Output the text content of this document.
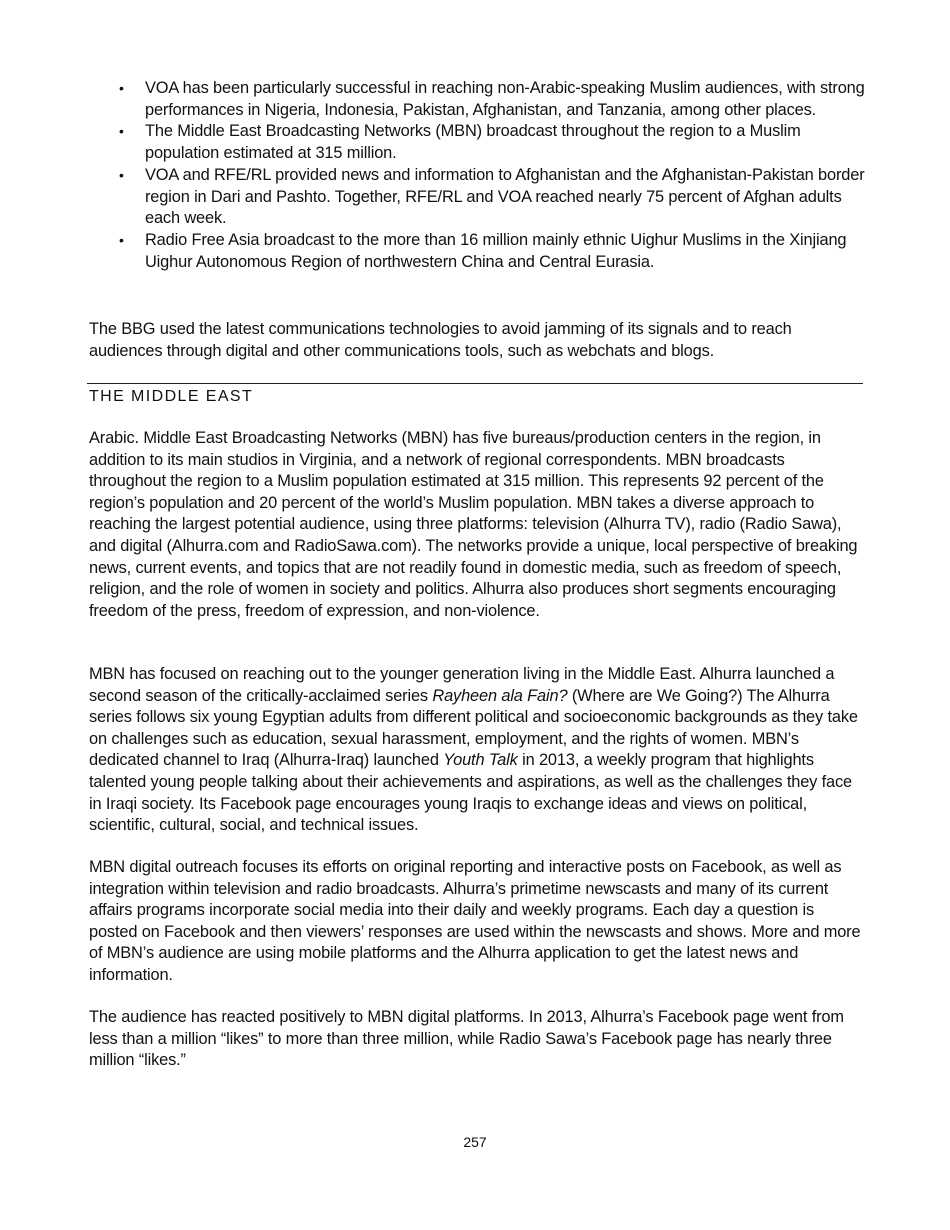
• VOA has been particularly successful in reaching non-Arabic-speaking Muslim audiences, with strong performances in Nigeria, Indonesia, Pakistan, Afghanistan, and Tanzania, among other places.
• The Middle East Broadcasting Networks (MBN) broadcast throughout the region to a Muslim population estimated at 315 million.
• VOA and RFE/RL provided news and information to Afghanistan and the Afghanistan-Pakistan border region in Dari and Pashto. Together, RFE/RL and VOA reached nearly 75 percent of Afghan adults each week.
• Radio Free Asia broadcast to the more than 16 million mainly ethnic Uighur Muslims in the Xinjiang Uighur Autonomous Region of northwestern China and Central Eurasia.

The BBG used the latest communications technologies to avoid jamming of its signals and to reach audiences through digital and other communications tools, such as webchats and blogs.

THE MIDDLE EAST

Arabic. Middle East Broadcasting Networks (MBN) has five bureaus/production centers in the region, in addition to its main studios in Virginia, and a network of regional correspondents. MBN broadcasts throughout the region to a Muslim population estimated at 315 million. This represents 92 percent of the region’s population and 20 percent of the world’s Muslim population. MBN takes a diverse approach to reaching the largest potential audience, using three platforms: television (Alhurra TV), radio (Radio Sawa), and digital (Alhurra.com and RadioSawa.com). The networks provide a unique, local perspective of breaking news, current events, and topics that are not readily found in domestic media, such as freedom of speech, religion, and the role of women in society and politics. Alhurra also produces short segments encouraging freedom of the press, freedom of expression, and non-violence.

MBN has focused on reaching out to the younger generation living in the Middle East. Alhurra launched a second season of the critically-acclaimed series Rayheen ala Fain? (Where are We Going?) The Alhurra series follows six young Egyptian adults from different political and socioeconomic backgrounds as they take on challenges such as education, sexual harassment, employment, and the rights of women. MBN’s dedicated channel to Iraq (Alhurra-Iraq) launched Youth Talk in 2013, a weekly program that highlights talented young people talking about their achievements and aspirations, as well as the challenges they face in Iraqi society. Its Facebook page encourages young Iraqis to exchange ideas and views on political, scientific, cultural, social, and technical issues.

MBN digital outreach focuses its efforts on original reporting and interactive posts on Facebook, as well as integration within television and radio broadcasts. Alhurra’s primetime newscasts and many of its current affairs programs incorporate social media into their daily and weekly programs. Each day a question is posted on Facebook and then viewers’ responses are used within the newscasts and shows. More and more of MBN’s audience are using mobile platforms and the Alhurra application to get the latest news and information.

The audience has reacted positively to MBN digital platforms. In 2013, Alhurra’s Facebook page went from less than a million “likes” to more than three million, while Radio Sawa’s Facebook page has nearly three million “likes.”

257
